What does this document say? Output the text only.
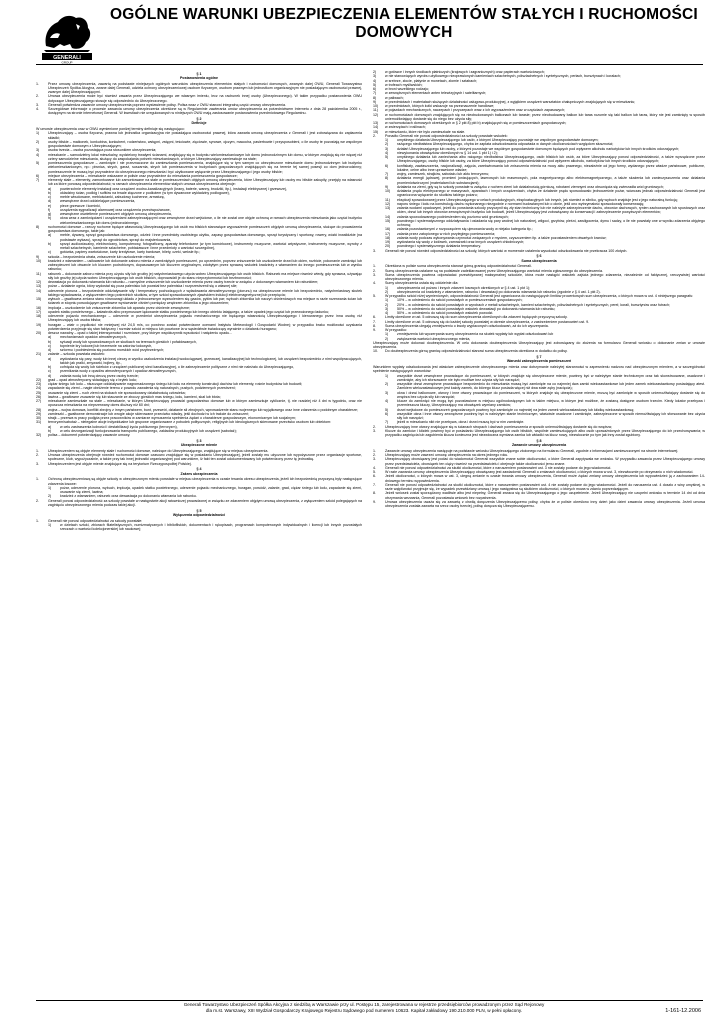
GENERALI
GROUP
OGÓLNE WARUNKI UBEZPIECZENIA ELEMENTÓW STAŁYCH I RUCHOMOŚCI
DOMOWYCH
§ 1
Postanowienia ogólne
1.	Przez umowę ubezpieczenia, zawartą na podstawie niniejszych ogólnych warunków ubezpieczenia elementów stałych i ruchomości domowych, zwanych dalej OWU, Generali Towarzystwo Ubezpieczeń Spółka Akcyjna, zwane dalej Generali, udziela ochrony ubezpieczeniowej osobom fizycznym, osobom prawnym lub jednostkom organizacyjnym nie posiadającym osobowości prawnej, zwanym dalej Ubezpieczającymi.
2.	Umowa ubezpieczenia może być również zawarta przez Ubezpieczającego we własnym imieniu, lecz na rachunek innej osoby (Ubezpieczonego). W takim przypadku postanowienia OWU dotyczące Ubezpieczającego stosuje się odpowiednio do Ubezpieczonego.
3.	Generali potwierdza zawarcie umowy ubezpieczenia poprzez wystawienie polisy. Polisa wraz z OWU stanowi integralną część umowy ubezpieczenia.
4.	Szczegółowe informacje o procesie zawarcia umowy ubezpieczenia określone są w Regulaminie zawierania umów ubezpieczenia za pośrednictwem Internetu z dnia 28 października 2005 r., dostępnym na stronie internetowej Generali. W kwestiach nie uregulowanych w niniejszych OWU mają zastosowanie postanowienia przedmiotowego Regulaminu.
§ 2
Definicje
W umowie ubezpieczenia oraz w OWU wymienione poniżej terminy definiuje się następująco:
1)	Ubezpieczający – osoba fizyczna, prawna lub jednostka organizacyjna nie posiadająca osobowości prawnej, która zawarła umowę ubezpieczenia z Generali i jest zobowiązana do zapłacenia składki;
2)	osoby bliskie – małżonek, konkubina, konkubent, rodzeństwo, wstępni, zstępni, teściowie, zięciowie, synowe, ojczym, macocha, pasierbowie i przysposobieni, o ile osoby te pozostają we wspólnym gospodarstwie domowym z Ubezpieczającym;
3)	osoba trzecia – osoba pozostająca poza stosunkiem ubezpieczenia;
4)	mieszkanie – samodzielny lokal mieszkalny, wydzielony trwałymi ścianami, znajdujący się w budynku wielomieszkaniowym lub domu jednorodzinnym lub domu, w którym znajdują się nie więcej niż cztery samodzielne mieszkania, służący do zaspokajania potrzeb mieszkaniowych, w którym Ubezpieczający zamieszkuje na stałe;
5)	pomieszczenia gospodarcze – zamknięte i nie przeznaczone do zamieszkania pomieszczenia, znajdujące się w tym samym co ubezpieczone mieszkanie domu jednorodzinnym lub budynku wielomieszkaniowym, np.: piwnica, strych, garaż, suszarnia, strych lub pomieszczenia w budynkach gospodarczych znajdujących się na terenie tej samej posesji co dom jednorodzinny; pomieszczenie te muszą być przynależne do ubezpieczonego mieszkania i być użytkowane wyłącznie przez Ubezpieczającego i jego osoby bliskie;
6)	miejsce ubezpieczenia – mieszkanie wskazane w polisie oraz przynależne do mieszkania pomieszczenia gospodarcze;
7)	elementy stałe – elementy, zamontowane lub zamontowane na stałe w pomieszczeniach objętych umową ubezpieczenia, które Ubezpieczający lub osoby mu bliskie zakupiły, przejęły na własność lub za które ponoszą odpowiedzialność; w ramach ubezpieczenia elementów stałych umowa ubezpieczenia obejmuje:
a)	powierzchnie elementy instalacji oraz urządzeń wodno-kanalizacyjnych (krany, baterie, wanny, brodziki, itp.), instalacji elektrycznej i grzewczej,
b)	okładziny ścian, podłóg i sufitów na trwale złączone z podłożem (w tym dywanowe wykładziny podłogowe),
c)	meble wbudowane, meblościanki, zabudowy kuchenne, armaturę,
d)	wewnętrzne drzwi oddzielające pomieszczenia,
e)	piece grzewcze i kominki,
f)	urządzenia sygnalizacji alarmowej oraz urządzenia przeciwpożarowe,
g)	wewnętrzne oświetlenie pomieszczeń objętych umową ubezpieczenia,
h)	okna wraz z zamknięciami i urządzeniami zabezpieczającymi oraz zewnętrzne drzwi wejściowe, o ile nie został one objęte ochroną w ramach ubezpieczenia mieszkania jako części budynku wielomieszkaniowego lub domu jednorodzinnego;
8)	ruchomości domowe – rzeczy ruchome będące własnością Ubezpieczającego lub osób mu bliskich stanowiące wyposażenie pomieszczeń objętych umową ubezpieczenia, służące do prowadzenia gospodarstwa domowego, takie jak:
a)	meble, dywany, sprzęt gospodarstwa domowego, odzież i inne przedmioty osobistego użytku, zapasy gospodarstwa domowego, sprzęt turystyczny i sportowy, rowery, wózki inwalidzkie (na podstawie wykazu), sprzęt do ogrodnictwa, sprzęt do majsterkowania,
b)	sprzęt audiowizualny, elektroniczny, komputerowy, fotograficzny, aparaty telefoniczne (w tym komórkowe), instrumenty muzyczne, wartości artystyczne, instrumenty muzyczne, wyroby z metali szlachetnych, kamienie szlachetne, pobłażawcze i inne przedmioty o wartości szczególnej,
c)	gotówka, papiery wartościowe, karty kredytowe, karty bankowe, bilety, czeki, weksle itp.;
9)	szkoda – bezpośrednia utrata, zniszczenie lub uszkodzenie mienia;
10)	kradzież z włamaniem – usiłowanie lub dokonanie zaboru mienia z zamkniętych pomieszczeń, po uprzednim, poprzez zniszczenie lub uszkodzenie drzwi lub okien, rozbicie, pokonanie zamknięć lub zabezpieczeń lub otwarcie ich kluczem podrobionym, dopasowanym lub kluczem oryginalnym, zdobytym przez sprawcę wskutek kradzieży z włamaniem do innego pomieszczenia lub w wyniku rabunku;
11)	rabunek – dokonanie zaboru mienia przy użyciu siły lub groźby jej natychmiastowego użycia wobec Ubezpieczającego lub osób bliskich. Rabunek ma miejsce również wtedy, gdy sprawca, używając siły lub groźby jej użycia wobec Ubezpieczającego lub osób bliskich, doprowadził je do stanu nieprzytomności lub bezbronności;
12)	dewastacja po dokonaniu włamania lub rabunku – rozmyślne zniszczenie lub uszkodzenie mienia przez osoby trzecie w związku z dokonanym włamaniem lub rabunkiem;
13)	pożar – działanie ognia, który wydostał się poza palenisko lub powstał bez paleniska i rozprzestrzenił się o własnej sile;
14)	uderzenie pioruna – bezpośrednie oddziaływanie siły i temperatury pochodzących z wyładowania atmosferycznego (piorunu) na ubezpieczone mienie lub bezpośrednio, natychmiastowy skutek takiego wyładowania, z wyłączeniem tego pośrednich skutków, w tym szkód spowodowanych zjawiskiem indukcji elektromagnetycznej lub przepięcia;
15)	wybuch – gwałtowna zmiana stanu równowagi układu z jednoczesnym wyzwoleniem się gazów, pyłów lub par; wybuch zbiornika lub naczyń ciśnieniowych ma miejsce w razie rozerwania ścian lub ścianek w stopniu powodującym gwałtowne wyrównanie ciśnień pomiędzy wnętrzem zbiornika a jego otoczeniem;
16)	implozja – uszkodzenie lub zniszczenie zbiornika lub aparatu przez ciśnienie zewnętrzne;
17)	upadek statku powietrznego – katastrofa albo przymusowe lądowanie statku powietrznego lub innego obiektu latającego, a także upadek jego części lub przewożonego ładunku;
18)	uderzenie pojazdu mechanicznego – uderzenie w przedmiot ubezpieczenia pojazdu mechanicznego nie będącego własnością Ubezpieczającego i kierowanego przez inna osobę niż Ubezpieczający lub osoba bliska;
19)	huragan – wiatr o prędkości nie mniejszej niż 24,5 m/s, co powinno zostać potwierdzone ocenami Instytutu Meteorologii i Gospodarki Wodnej; w przypadku braku możliwości uzyskania potwierdzenia przyjmuje się stan faktyczny i rozmiar szkód w miejscu lub pocztowe la w sąsiedztwie świadczący wyraźnie o działaniu huraganu;
20)	deszcz nawalny – opad o takiej intensywności i rozmiarze, przy którym współczynnik wysokości i natężeniu opadu...
a)	mechanizmach opadów atmosferycznych,
b)	sytuacji wody lub spowodowanych ze skutkach na terenach górskich i pofałdowanych,
c)	topnienie kry lodowej lub bezrewnie na zatorów lodowych,
d)	sztormu i podniesienia się poziomu morskich wód przybrzeżnych;
21)	zalanie – szkoda powstała wskutek:
a)	wydostania się pary, wody lub innej cieczy w wyniku uszkodzenia instalacji wodociągowej, grzewczej, kanalizacyjnej lub technologicznej, lub urządzeń bezpośrednio z nimi współpracujących, takich jak pralki, zmywarki, bojlery, itp.,
b)	cofnięcia się wody lub ścieków z urządzeń publicznej sieci kanalizacyjnej, o ile zabezpieczenie polityczne z nimi nie należało do Ubezpieczającego,
c)	przenikania wody z opadów atmosferycznych i opadów atmosferycznych,
d)	zalania wodą lub inną cieczą przez osoby trzecie;
22)	grad – opad atmosferyczny składający się z bryłek lodu;
23)	ciężar śniegu lub lodu – niszczące oddziaływanie nagromadzonego śniegu lub lodu na elementy konstrukcji dachów lub elementy, rośnie budynków lub budowli;
24)	zapadanie się ziemi – nagłe obniżenie terenu z powodu zawalenia się naturalnych, pustych, podziemnych przestrzeni;
25)	osuwanie się ziemi – ruch ziemi na stokach nie spowodowany działalnością człowieka;
26)	lawina – gwałtowne zsuwanie się lub staczanie ze zboczy górskich mas śniegu, lodu, kamieni, skał lub błota;
27)	mieszkanie zamieszkałe na stałe – mieszkanie, w którym Ubezpieczający prowadzi gospodarstwo domowe lub w którym zamieszkuje cyklicznie, tj. nie rzadziej niż 4 dni w tygodniu, oraz nie opuszcza mieszkania na nieprzerwany okres dłuższy niż 60 dni;
28)	wojna – wojna domowa, konflikt zbrojny z innym państwem, bunt, przewrót, działanie sił zbrojnych, wprowadzenie stanu wojennego lub wyjątkowego oraz inne zdarzenia o podobnym charakterze;
29)	zamieszki – gwałtowne demonstracje lub wrogie akcje skierowane przeciwko władzy, jeśli dochodzi w ich trakcie do zniszczeń;
30)	strajk – przerwa w pracy podjęta przez pracowników w zamiarze wymuszenia spełnienia żądań o charakterze gospodarczym, ekonomicznym lub socjalnym;
31)	terroryzm/sabotaż – nielegalne akcje indywidualne lub grupowe organizowane z pobudek politycznych, religijnych lub ideologicznych skierowane przeciwko osobom lub obiektom:
a)	w celu zastraszenia ludności i destabilizacji życia publicznego (terroryzm),
b)	w celu dezorganizacji funkcjonowania transportu publicznego, zakładów produkcyjnych lub urządzeń (sabotaż);
32)	polisa – dokument potwierdzający zawarcie umowy.
§ 3
Ubezpieczone mienie
1.	Ubezpieczeniem są objęte elementy stałe i ruchomości domowe, należące do Ubezpieczającego, znajdujące się w miejscu ubezpieczenia.
2.	Umowa ubezpieczenia obejmuje również ruchomości domowe czasowo znajdujące się w posiadaniu Ubezpieczającej, jeżeli zostały mu użyczone lub wypożyczone przez organizacje sportowe, społeczne, klub, wypożyczalnie, a także przy tak innej jednostki organizacyjnej pod warunkiem, iż fakt ten został udokumentowany lub potwierdzony przez tę jednostkę.
3.	Ubezpieczeniem jest objęte mienie znajdujące się na terytorium Rzeczypospolitej Polskiej.
§ 4
Zakres ubezpieczenia
1.	Ochroną ubezpieczeniową są objęte szkody w ubezpieczonym mieniu powstałe w miejscu ubezpieczenia w czasie trwania okresu ubezpieczenia, jeżeli ich bezpośrednią przyczyną były następujące zdarzenia losowe:
1)	pożar, uderzenie pioruna, wybuch, implozja, upadek statku powietrznego, uderzenie pojazdu mechanicznego, huragan, powódź, zalanie, grad, ciężar śniegu lub lodu, zapadanie się ziemi, osuwanie się ziemi, lawina;
2)	kradzież z włamaniem, rabunek oraz dewastacja po dokonaniu włamania lub rabunku.
2.	Generali ponosi odpowiedzialność za szkody powstałe w następstwie akcji ratowniczej prowadzonej w związku ze zdarzeniem objętym umową ubezpieczenia, z wyłączeniem szkód polegających na zaginięciu ubezpieczonego mienia podczas takiej akcji.
§ 5
Wyłączenia odpowiedzialności
1.	Generali nie ponosi odpowiedzialności za szkody powstałe:
1)	w dziełach sztuki, zbiorach filatelistycznych, numizmatycznych i bibliofilskich, dokumentach i rękopisach, programach komputerowych indywidualnych i licencji lub innych pozostałych rzeczach o wartości kolekcjonerskiej lub naukowej;
2)	w gotówce i innych środkach płatniczych (krajowych i zagranicznych) oraz papierach wartościowych;
3)	w nie stanowiących wyrobu użytkowego nieoprawionych kamieniach szlachetnych, półszlachetnych i syntetycznych, perłach, bursztynach i koralach;
4)	w srebrze, złocie, platynie w monetach, złomie i sztabach;
5)	w trofeach myśliwskich;
6)	w broni wszelkiego rodzaju;
7)	w zewnętrznych elementach anten telewizyjnych i satelitarnych;
8)	w paliwach;
9)	w przedmiotach i materiałach służących działalności usługowo-produkcyjnej, z wyjątkiem urządzeń warsztatów chałupniczych znajdujących się w mieszkaniu;
10)	w przedmiotach, których łożki wskazuje na przeznaczenie handlowe;
11)	w pojazdach mechanicznych, naczepach i przyczepach wraz z ich wyposażeniem oraz w częściach zapasowych;
12)	w ruchomościach domowych znajdujących się na nieobudowanych balkonach lub tarasie; przez nieobudowany balkon lub taras rozumie się taki balkon lub taras, który nie jest zamknięty w sposób uniemożliwiający dostanie się do niego bez użycia siły;
13)	w ruchomościach domowych określonych w § 2 pkt 8) pkt b) znajdujących się w pomieszczeniach gospodarczych;
14)	w zwierzętach i roślinach;
15)	w mieszkaniu, które nie było zamieszkałe na stałe.
2.	Ponadto Generali nie ponosi odpowiedzialności za szkody powstałe wskutek:
1)	umyślnego działania Ubezpieczającego lub osób, z którymi Ubezpieczający pozostaje we wspólnym gospodarstwie domowym;
2)	rażącego niedbalstwa Ubezpieczającego, chyba że zapłata odszkodowania odpowiada w danych okolicznościach względom słuszności;
3)	działań Ubezpieczającego lub osoby, z którymi pozostaje we wspólnym gospodarstwie domowym będących pod wpływem alkoholu narkotyków lub innych środków odurzających;
4)	niewykonania obowiązków określonych w § 14 ust. 1 pkt 1) i 2);
5)	umyślnego działania lub zaniechania albo rażącego niedbalstwa Ubezpieczającego, osób bliskich lub osób, za które Ubezpieczający ponosi odpowiedzialność, a także wyrządzone przez Ubezpieczającego, osoby bliskie lub osoby, za które Ubezpieczający ponosi odpowiedzialność pod wpływem alkoholu, narkotyków lub innych środków odurzających;
6)	konfiskaty, zawłaszczenia, nacjonalizacji, zajęcia, zarekwirowania lub zniszczenia mienia na mocy aktu prawnego, niezależnie od jego formy, wydanego przez władze państwowe, publiczne, lokalne, celne albo inne uprawnione władze;
7)	wojny, zamieszek, strajków, sabotażu lub aktu terroryzmu;
8)	działania energii jądrowej, promieni jonizujących, laserowych lub maserowych, pola magnetycznego albo elektromagnetycznego, a także skażenia lub zanieczyszczenia oraz działania promieniotwórczymi (materiałami lub substancjami);
9)	działania na ziemi, gdy są to szkody powstałe w związku z ruchem ziemi lub działalnością górniczą, robotami ziemnymi oraz obsunięcia się zwierzadła wód gruntowych;
10)	działania prądu elektrycznego w maszynach, aparatach i innych urządzeniach, chyba że działanie prądu spowodowało jednocześnie pożar, wówczas jednak odpowiedzialność Generali jest ograniczona wyłącznie do skutków takiego pożaru;
11)	eksplozji spowodowanej przez Ubezpieczającego w celach produkcyjnych, eksploatacyjnych lub innych, jak również w silniku, gdy wybuch znajduje jest z jego naturalną funkcją;
12)	naporu śniegu i lodu na konstrukcję dachu wykonanego niezgodnie z normami budowlanymi lub o oknie, jeśli ono wytrzymałość spowodowały konserwację;
13)	zalania wodami opadowymi, jeżeli do powstania szkody przyczynił się zły stan techniczny lub nie należyte zabezpieczenie dachu, otworów dachowych, rynien zachowanych lub spustowych oraz okien, drzwi lub innych otworów zewnętrznych budynku lub budowli, jeżeli Ubezpieczający jest zobowiązany do konserwacji i zabezpieczenie powyższych elementów;
14)	zalania spowodowanego podniesieniem się poziomu wód gruntowych;
15)	powolnego i systematycznego oddziaływania i osiadania się pary wodnej lub naturalnej, wilgoci, grzybów, pleśni, zawilgocenia, dymu i sadzy, o ile nie powstały one w wyniku zdarzenia objętego ochroną;
16)	zalania pozostawionymi z rozpoczęciem się ujmowania wody w niejako kategoria itp.;
17)	zalania przez zatopionego w nich przyleglego pomieszczenia;
18)	zalania wody podczas wykonywania czynności związanych z myciem, czyszczeniem itp. a także pozostawieniem otwartych kranów;
19)	wydostania się wody z lodówek, zamrażarki oraz innych urządzeń chłodniczych;
20)	powolnego i systematycznego działania temperatury.
3.	Generali nie ponosi również odpowiedzialności za szkody, których wartość w momencie ustalenia wysokości odszkodowania nie przekracza 100 złotych.
§ 6
Suma ubezpieczenia
1.	Określona w polisie suma ubezpieczenia stanowi górną granicę odpowiedzialności Generali.
2.	Sumę ubezpieczenia ustalane są na podstawie zadeklarowanej przez Ubezpieczającego wartości mienia zgłoszonego do ubezpieczenia.
3.	Suma ubezpieczenia powinna odpowiadać przewidywanej maksymalnej szkodzie, która może nastąpić wskutek zajścia jednego zdarzenia, niezależnie od faktycznej, rzeczywistej wartości ubezpieczonego mienia.
4.	Sumy ubezpieczenia ustala się oddzielnie dla:
1)	ubezpieczenia od pożaru i innych zdarzeń losowych określonych w § 4 ust. 1 pkt 1);
2)	ubezpieczenia od kradzieży z włamaniem, rabunku i dewastacji po dokonaniu włamania lub rabunku (zgodnie z § 4 ust. 1 pkt 2).
5.	W przypadku szkód niżej wymienionych, odpowiedzialność Generali jest ograniczona do następujących limitów procentowych sum ubezpieczenia, o których mowa w ust. 4 niniejszego paragrafu:
1)	10% – w odniesieniu do szkód powstałych w pomieszczeniach gospodarczych;
2)	20% – w odniesieniu do szkód powstałych w wyrobach z metali szlachetnych, kamieni szlachetnych, półszlachetnych i syntetycznych, pereł, korali, bursztynów oraz futrach;
3)	50% – w odniesieniu do szkód powstałych wskutek dewastacji po dokonaniu włamania lub rabunku;
4)	50% – w odniesieniu do szkód powstałych wskutek powodzi.
6.	Limity określone w ust. 5 odnoszą się do sum ubezpieczenia określonych dla zdarzeń będących przyczyną szkody.
7.	Limity określone w ust. 5 odnoszą się do każdej szkody powstałej w okresie ubezpieczenia, z zastrzeżeniem postanowień ust. 9.
8.	Suma ubezpieczenia ulegają zmniejszeniu o kwoty wypłaconych odszkodowań, aż do ich wyczerpania.
9.	W przypadku:
1)	zmniejszenia lub wyczerpania sumy ubezpieczenia na skutek wypłaty lub wypłat odszkodowań lub
2)	zwiększenia wartości ubezpieczonego mienia,
Ubezpieczający może dokonać doubezpieczenia. W celu dokonania doubezpieczenia Ubezpieczający jest zobowiązany do złożenia na formularzu Generali wniosku o dokonanie zmian w umowie ubezpieczenia.
10.	Do doubezpieczenia górną granicę odpowiedzialności stanowi suma ubezpieczenia określona w dodatku do polisy.
§ 7
Warunki zabezpieczenia pomieszczeń
Warunkiem wypłaty odszkodowania jest właściwe zabezpieczenie ubezpieczonego mienia oraz dotrzymanie należytej staranności w zapewnieniu nadzoru nad ubezpieczonym mieniem, a w szczególności spełnienie następujących warunków:
1)	wszystkie drzwi zewnętrzne prowadzące do pomieszczeń, w których znajduje się ubezpieczone mienie, powinny być w należytym stanie technicznym oraz tak skonstruowane, osadzone i zamknięte, aby ich sforsowanie nie było możliwe bez użycia siły lub narzędzi;
2)	wszystkie drzwi zewnętrzne prowadzące bezpośrednio do mieszkania muszą być zamknięte na co najmniej dwa zamki wielozastawkowe lub jeden zamek wielozastawkowy posiadający atest. Zamkiem wielozastawkowym jest każdy zamek, do którego klucz posiada więcej niż dwa stałe zęby (nacięcia);
3)	okna i drzwi balkonowe, otwory i inne otwory prowadzące do pomieszczeń, w których znajduje się ubezpieczone mienie, muszą być zamknięte w sposób uniemożliwiający dostanie się do wnętrza bez użycia siły lub narzędzi;
4)	klucze do zamknięć nie mogą być pozostawione w miejscu ogólnodostępnym lub w takim miejscu, w którym jest możliwe, że zostaną dostępne osobom trzecim. Kiedy lokator przebywa i przemieszcza kluczy, Ubezpieczający ma obowiązek wymiany zamków;
5)	drzwi wejściowe do pomieszczeń gospodarczych powinny być zamknięte co najmniej na jeden zamek wielozastawkowy lub kłódkę wielozastawkową;
6)	wszystkie okna i inne otwory zewnętrzne powinny być w należytym stanie technicznym, właściwie osadzone i zamknięte, zabezpieczone w sposób niemożliwiający ich sforsowanie bez użycia siły lub narzędzi;
7)	jeżeli w mieszkaniu nikt nie przebywa, okna i drzwi muszą być w nim zamknięte.
2.	Ubezpieczający inne otwory znajdujące się w ścianach stropach i dachach pomieszczenia w sposób uniemożliwiający dostanie się do wnętrza;
3.	Klucze do zamków i kłódek powinny być w posiadaniu Ubezpieczającego lub osób bliskich, wspólnie zamieszkujących albo osób upoważnionych przez Ubezpieczającego do ich przechowywania; w przypadku zaginięcia lub zagubienia klucza konieczna jest niezwłoczna wymiana zamka lub wkładki na klucz nowy, niezwłocznie po tym jak inny został zgubiony.
§ 8
Zawarcie umowy ubezpieczenia
1.	Zawarcie umowy ubezpieczenia następuje na podstawie wniosku Ubezpieczającego złożonego na formularzu Generali, zgodnie z informacjami zamieszczonymi na stronie internetowej.
2.	Ubezpieczający może zawrzeć umowę ubezpieczenia na okres jednego roku.
3.	Ubezpieczający obowiązany jest podać do wiadomości Generali wszystkie znane sobie okoliczności, o które Generali zapytywała we wniosku. W przypadku zawarcia przez Ubezpieczającego umowy przez przedstawiciela, obowiązek ten ciąży również na przedstawicielu i obejmuje także okoliczności jemu znane.
4.	Generali nie ponosi odpowiedzialności za skutki okoliczności, które z naruszeniem postanowień ust. 3 nie zostały podane do jego wiadomości.
5.	W razie zawarcia umowy ubezpieczenia Ubezpieczający obowiązany jest zawiadomić Generali o zmianach okoliczności, o których mowa w ust. 3, niezwłocznie po otrzymaniu o nich wiadomości.
6.	Jeżeli okoliczności, o których mowa w ust. 3, ulegną zmianie w czasie trwania umowy ubezpieczenia, Generali może żądać zmiany umowy ubezpieczenia lub wypowiedzieć ją z zachowaniem 14-dniowego terminu wypowiedzenia.
7.	Generali nie ponosi odpowiedzialności za skutki okoliczności, które z naruszeniem postanowień ust. 4 nie zostały podane do jego wiadomości. Jeżeli do naruszenia ust. 4 doszło z winy umyślnej, w razie wątpliwości przyjmuje się, że wypadek przewidziany umową i jego następstwa są skutkiem okoliczności, o których mowa w zdaniu poprzedzającym.
8.	Jeżeli wniosek został sporządzony wadliwie albo jest niepełny, Generali zwraca się do Ubezpieczającego o jego uzupełnienie. Jeżeli Ubezpieczający nie uzupełni wniosku w terminie 14 dni od dnia otrzymania wezwania, Generali pozostawia wniosek bez rozpatrzenia.
9.	Umowa ubezpieczenia uważa się za zawartą z chwilą doręczenia Ubezpieczającemu polisy, chyba że w polisie określono inny dzień jako dzień zawarcia umowy ubezpieczenia. Jeżeli umowa ubezpieczenia została zawarta na rzecz osoby trzeciej, polisę doręcza się Ubezpieczającemu.
Generali Towarzystwo Ubezpieczeń Spółka Akcyjna z siedzibą w Warszawie przy ul. Postępu 15, zarejestrowana w rejestrze przedsiębiorców prowadzonym przez Sąd Rejonowy
dla m.st. Warszawy, XIII Wydział Gospodarczy Krajowego Rejestru Sądowego pod numerem 10623. Kapitał zakładowy 190.210.000 PLN, w pełni opłacony.	1-161-12.2006
